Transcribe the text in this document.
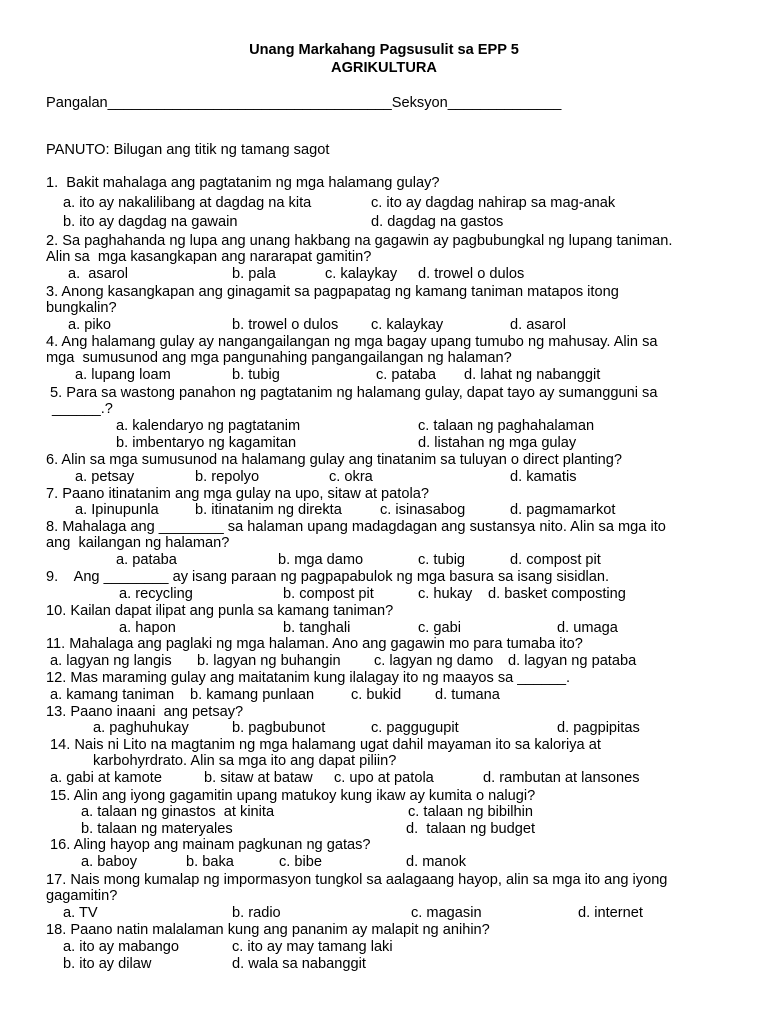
Unang Markahang Pagsusulit sa EPP 5
AGRIKULTURA
Pangalan___________________________________Seksyon______________
PANUTO: Bilugan ang titik ng tamang sagot
1.  Bakit mahalaga ang pagtatanim ng mga halamang gulay?
a. ito ay nakalilibang at dagdag na kita	c. ito ay dagdag nahirap sa mag-anak
b. ito ay dagdag na gawain	d. dagdag na gastos
2. Sa paghahanda ng lupa ang unang hakbang na gagawin ay pagbubungkal ng lupang taniman.
Alin sa  mga kasangkapan ang nararapat gamitin?
a.  asarol	b. pala	c. kalaykay d. trowel o dulos
3. Anong kasangkapan ang ginagamit sa pagpapatag ng kamang taniman matapos itong
bungkalin?
a. piko	b. trowel o dulos c. kalaykay	d. asarol
4. Ang halamang gulay ay nangangailangan ng mga bagay upang tumubo ng mahusay. Alin sa
mga  sumusunod ang mga pangunahing pangangailangan ng halaman?
a. lupang loam	b. tubig	c. pataba d. lahat ng nabanggit
5. Para sa wastong panahon ng pagtatanim ng halamang gulay, dapat tayo ay sumangguni sa
______.?
a. kalendaryo ng pagtatanim	c. talaan ng paghahalaman
b. imbentaryo ng kagamitan	d. listahan ng mga gulay
6. Alin sa mga sumusunod na halamang gulay ang tinatanim sa tuluyan o direct planting?
a. petsay	b. repolyo	c. okra	d. kamatis
7. Paano itinatanim ang mga gulay na upo, sitaw at patola?
a. Ipinupunla b. itinatanim ng direkta	c. isinasabog	d. pagmamarkot
8. Mahalaga ang ________ sa halaman upang madagdagan ang sustansya nito. Alin sa mga ito
ang  kailangan ng halaman?
a. pataba	b. mga damo	c. tubig	d. compost pit
9.    Ang ________ ay isang paraan ng pagpapabulok ng mga basura sa isang sisidlan.
a. recycling	b. compost pit	c. hukay d. basket composting
10. Kailan dapat ilipat ang punla sa kamang taniman?
a. hapon	b. tanghali	c. gabi	d. umaga
11. Mahalaga ang paglaki ng mga halaman. Ano ang gagawin mo para tumaba ito?
a. lagyan ng langis b. lagyan ng buhangin c. lagyan ng damo d. lagyan ng pataba
12. Mas maraming gulay ang maitatanim kung ilalagay ito ng maayos sa ______.
a. kamang taniman b. kamang punlaan	c. bukid d. tumana
13. Paano inaani  ang petsay?
a. paghuhukay	b. pagbubunot	c. paggugupit	d. pagpipitas
14. Nais ni Lito na magtanim ng mga halamang ugat dahil mayaman ito sa kaloriya at
karbohyrdrato. Alin sa mga ito ang dapat piliin?
a. gabi at kamote	b. sitaw at bataw c. upo at patola	d. rambutan at lansones
15. Alin ang iyong gagamitin upang matukoy kung ikaw ay kumita o nalugi?
a. talaan ng ginastos  at kinita	c. talaan ng bibilhin
b. talaan ng materyales	d.  talaan ng budget
16. Aling hayop ang mainam pagkunan ng gatas?
a. baboy	b. baka	c. bibe	d. manok
17. Nais mong kumalap ng impormasyon tungkol sa aalagaang hayop, alin sa mga ito ang iyong
gagamitin?
a. TV	b. radio	c. magasin	d. internet
18. Paano natin malalaman kung ang pananim ay malapit ng anihin?
a. ito ay mabango	c. ito ay may tamang laki
b. ito ay dilaw	d. wala sa nabanggit
